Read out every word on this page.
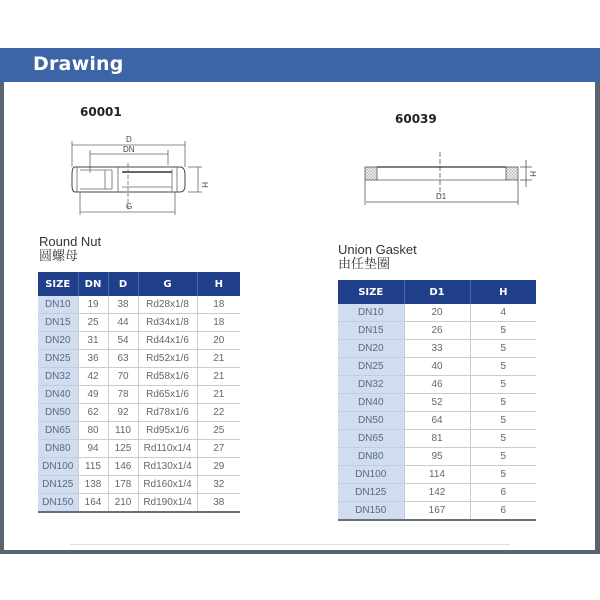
Drawing
60001
D
DN
H
G
60039
H
D1
Round Nut
圆螺母
SIZE	DN	D	G	H
DN10	19	38	Rd28x1/8	18
DN15	25	44	Rd34x1/8	18
DN20	31	54	Rd44x1/6	20
DN25	36	63	Rd52x1/6	21
DN32	42	70	Rd58x1/6	21
DN40	49	78	Rd65x1/6	21
DN50	62	92	Rd78x1/6	22
DN65	80	110	Rd95x1/6	25
DN80	94	125	Rd110x1/4	27
DN100	115	146	Rd130x1/4	29
DN125	138	178	Rd160x1/4	32
DN150	164	210	Rd190x1/4	38
Union Gasket
由任垫圈
SIZE	D1	H
DN10	20	4
DN15	26	5
DN20	33	5
DN25	40	5
DN32	46	5
DN40	52	5
DN50	64	5
DN65	81	5
DN80	95	5
DN100	114	5
DN125	142	6
DN150	167	6
